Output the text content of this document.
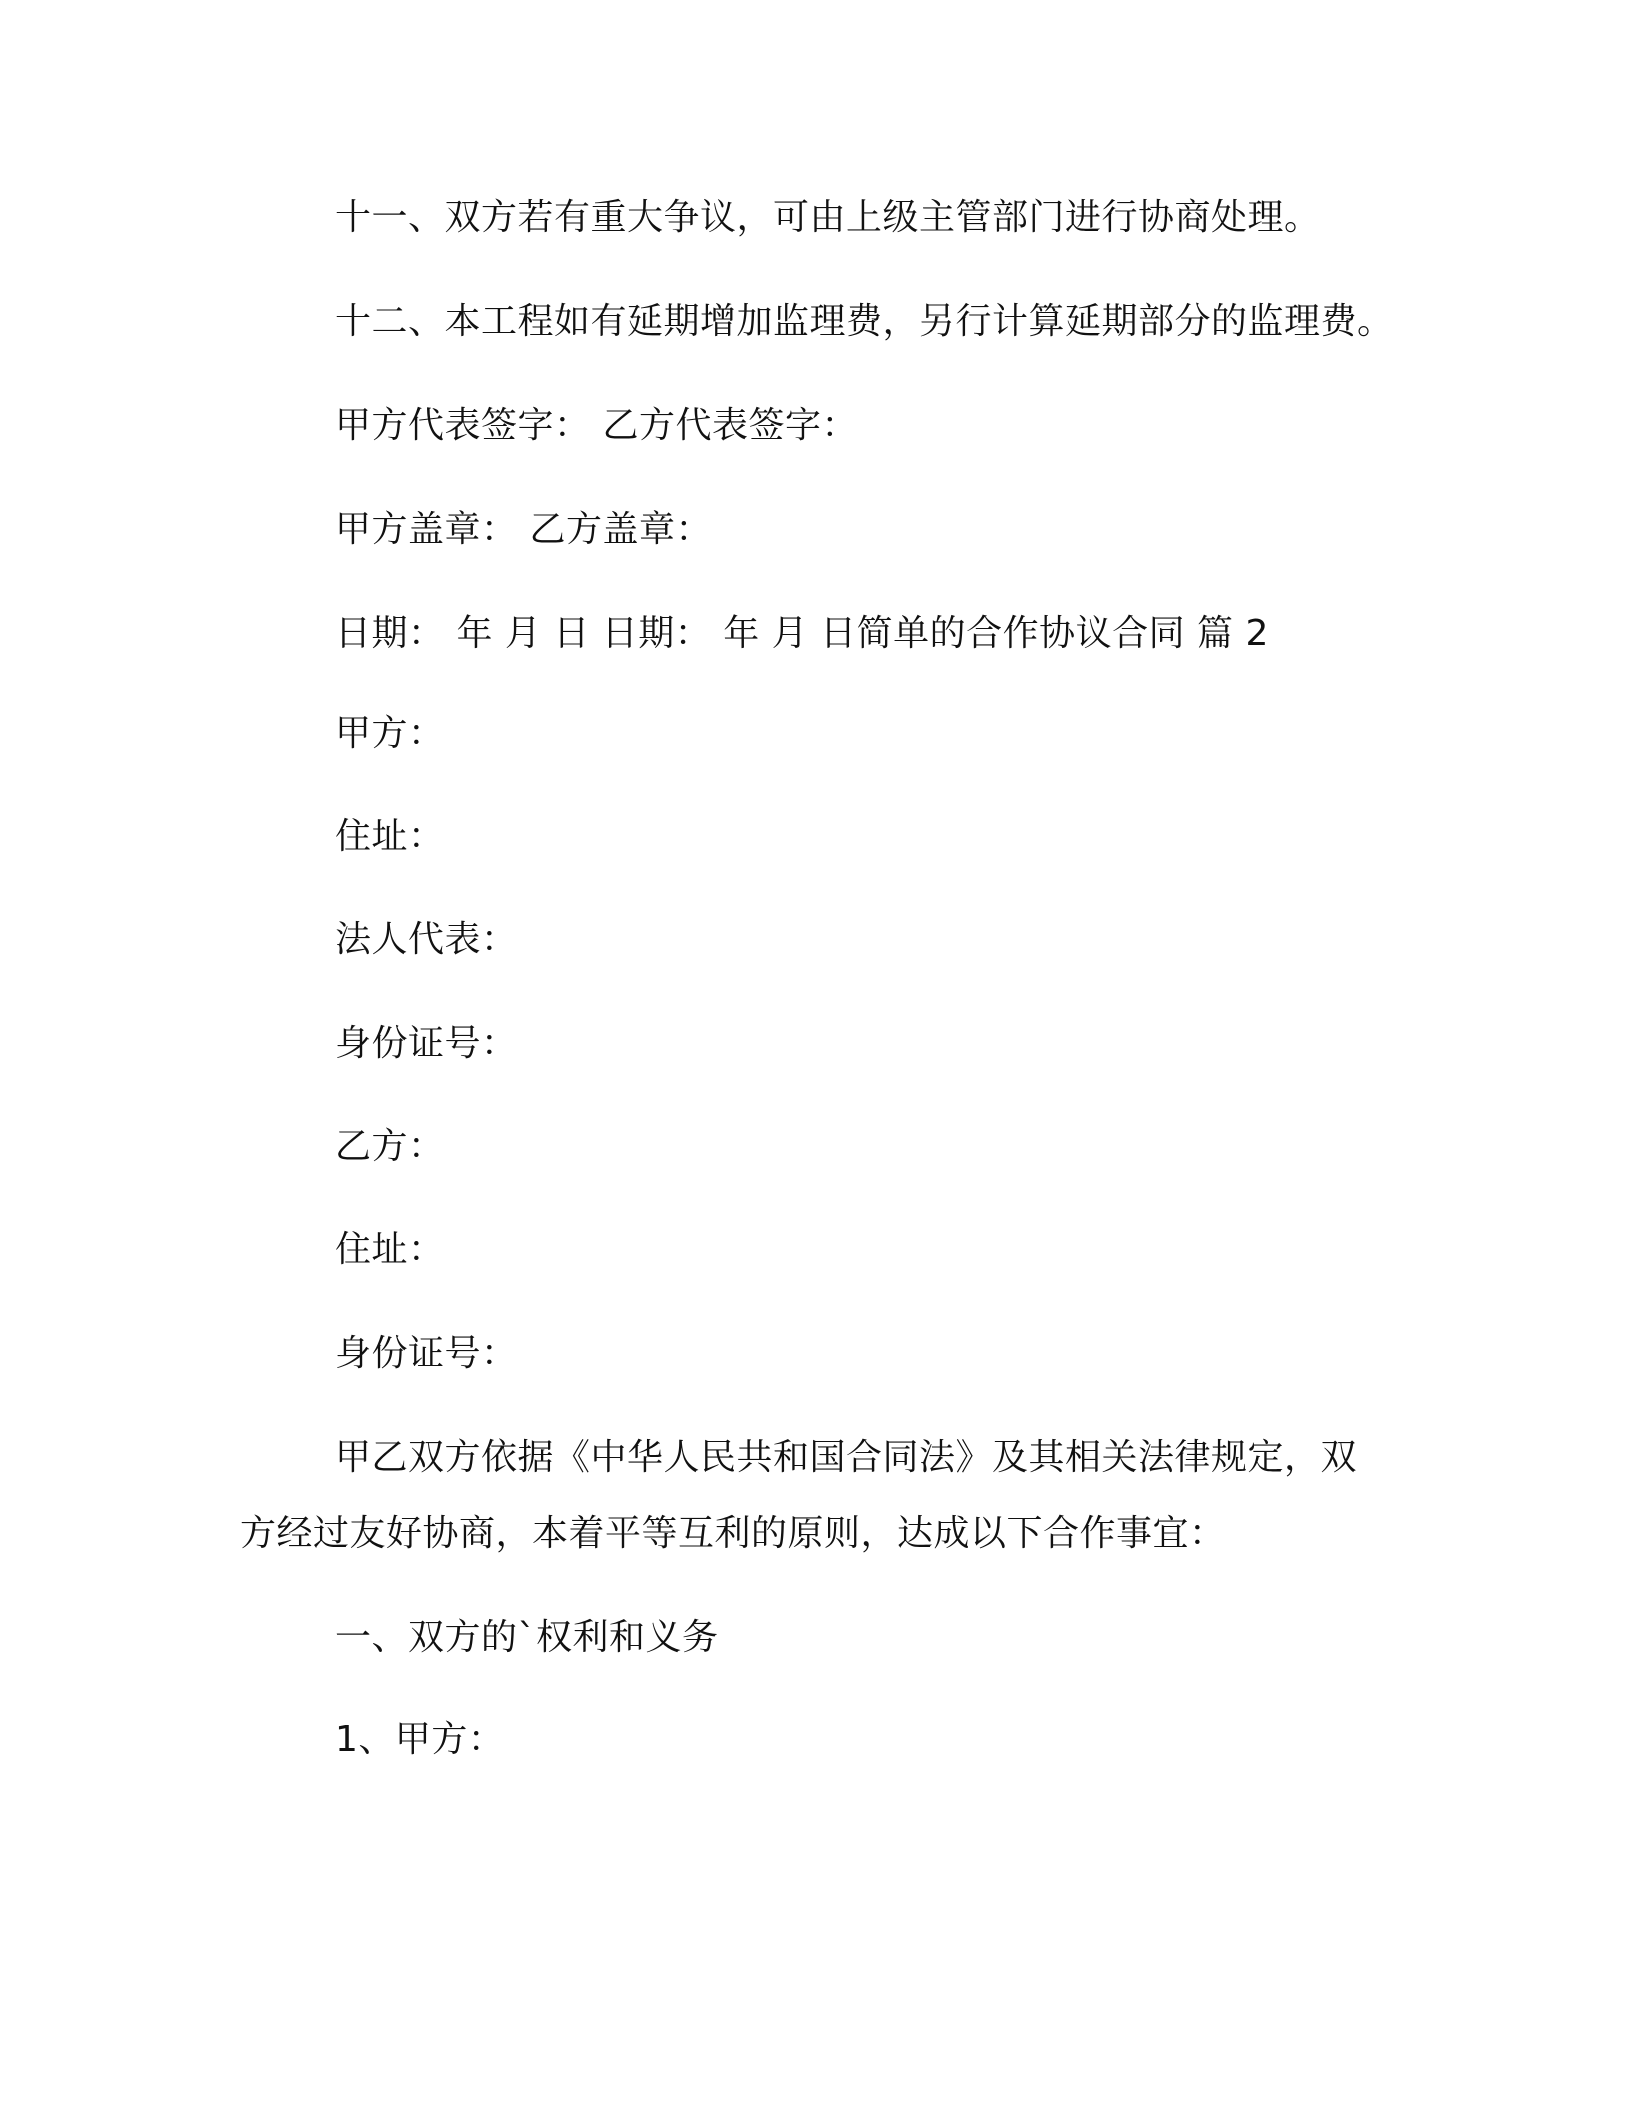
十一、双方若有重大争议，可由上级主管部门进行协商处理。
十二、本工程如有延期增加监理费，另行计算延期部分的监理费。
甲方代表签字： 乙方代表签字：
甲方盖章： 乙方盖章：
日期： 年 月 日 日期： 年 月 日简单的合作协议合同 篇 2
甲方：
住址：
法人代表：
身份证号：
乙方：
住址：
身份证号：
甲乙双方依据《中华人民共和国合同法》及其相关法律规定，双
方经过友好协商，本着平等互利的原则，达成以下合作事宜：
一、双方的`权利和义务
1、甲方：
